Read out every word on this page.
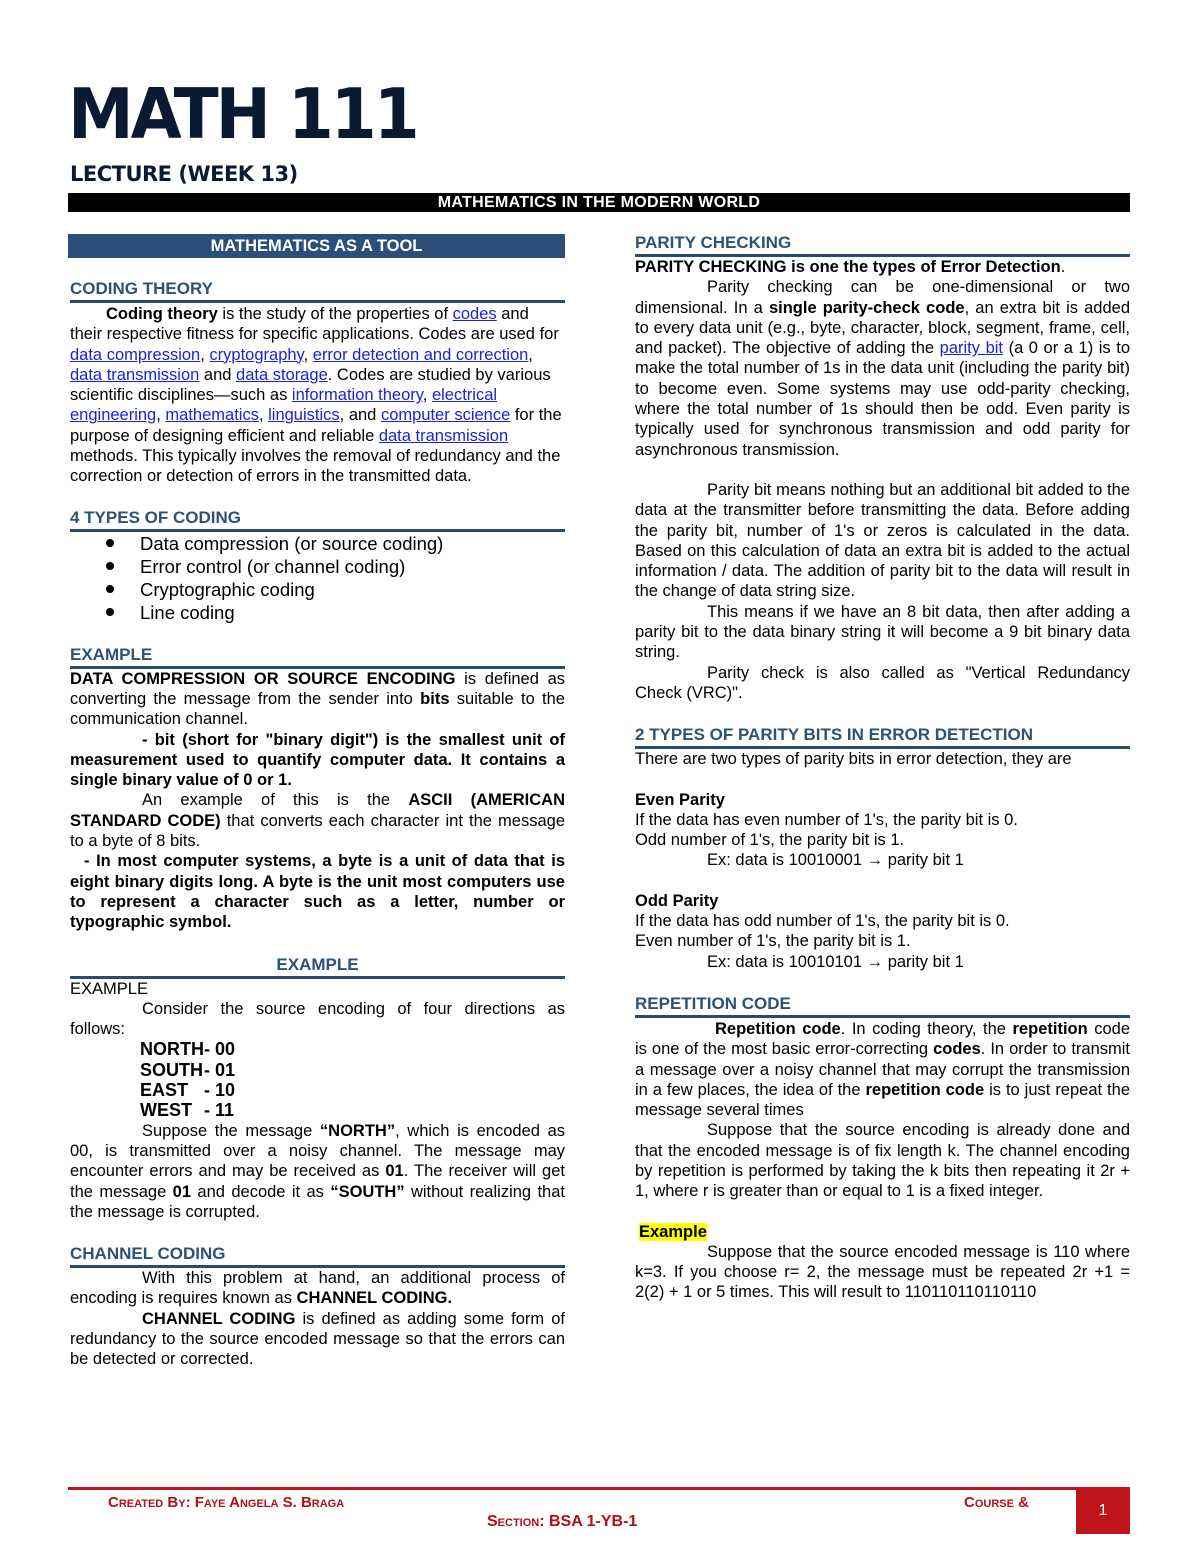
MATH 111
LECTURE (WEEK 13)
MATHEMATICS IN THE MODERN WORLD
MATHEMATICS AS A TOOL
CODING THEORY

Coding theory is the study of the properties of codes and their respective fitness for specific applications. Codes are used for data compression, cryptography, error detection and correction, data transmission and data storage. Codes are studied by various scientific disciplines—such as information theory, electrical engineering, mathematics, linguistics, and computer science for the purpose of designing efficient and reliable data transmission methods. This typically involves the removal of redundancy and the correction or detection of errors in the transmitted data.

4 TYPES OF CODING
Data compression (or source coding)
Error control (or channel coding)
Cryptographic coding
Line coding
EXAMPLE

DATA COMPRESSION OR SOURCE ENCODING is defined as converting the message from the sender into bits suitable to the communication channel.

- bit (short for "binary digit") is the smallest unit of measurement used to quantify computer data. It contains a single binary value of 0 or 1.

An example of this is the ASCII (AMERICAN STANDARD CODE) that converts each character int the message to a byte of 8 bits.

- In most computer systems, a byte is a unit of data that is eight binary digits long. A byte is the unit most computers use to represent a character such as a letter, number or typographic symbol.

EXAMPLE

EXAMPLE

Consider the source encoding of four directions as follows:

NORTH- 00
SOUTH- 01
EAST - 10
WEST - 11

Suppose the message “NORTH”, which is encoded as 00, is transmitted over a noisy channel. The message may encounter errors and may be received as 01. The receiver will get the message 01 and decode it as “SOUTH” without realizing that the message is corrupted.

CHANNEL CODING

With this problem at hand, an additional process of encoding is requires known as CHANNEL CODING.

CHANNEL CODING is defined as adding some form of redundancy to the source encoded message so that the errors can be detected or corrected.

PARITY CHECKING

PARITY CHECKING is one the types of Error Detection.

Parity checking can be one-dimensional or two dimensional. In a single parity-check code, an extra bit is added to every data unit (e.g., byte, character, block, segment, frame, cell, and packet). The objective of adding the parity bit (a 0 or a 1) is to make the total number of 1s in the data unit (including the parity bit) to become even. Some systems may use odd-parity checking, where the total number of 1s should then be odd. Even parity is typically used for synchronous transmission and odd parity for asynchronous transmission.

Parity bit means nothing but an additional bit added to the data at the transmitter before transmitting the data. Before adding the parity bit, number of 1's or zeros is calculated in the data. Based on this calculation of data an extra bit is added to the actual information / data. The addition of parity bit to the data will result in the change of data string size.

This means if we have an 8 bit data, then after adding a parity bit to the data binary string it will become a 9 bit binary data string.

Parity check is also called as "Vertical Redundancy Check (VRC)".

2 TYPES OF PARITY BITS IN ERROR DETECTION

There are two types of parity bits in error detection, they are

Even Parity

If the data has even number of 1's, the parity bit is 0.

Odd number of 1's, the parity bit is 1.

Ex: data is 10010001 → parity bit 1

Odd Parity

If the data has odd number of 1's, the parity bit is 0.

Even number of 1's, the parity bit is 1.

Ex: data is 10010101 → parity bit 1

REPETITION CODE

Repetition code. In coding theory, the repetition code is one of the most basic error-correcting codes. In order to transmit a message over a noisy channel that may corrupt the transmission in a few places, the idea of the repetition code is to just repeat the message several times

Suppose that the source encoding is already done and that the encoded message is of fix length k. The channel encoding by repetition is performed by taking the k bits then repeating it 2r + 1, where r is greater than or equal to 1 is a fixed integer.

Example

Suppose that the source encoded message is 110 where k=3. If you choose r= 2, the message must be repeated 2r +1 = 2(2) + 1 or 5 times. This will result to 110110110110110

Created By: Faye Angela S. Braga	Course &
Section: BSA 1-YB-1
1
